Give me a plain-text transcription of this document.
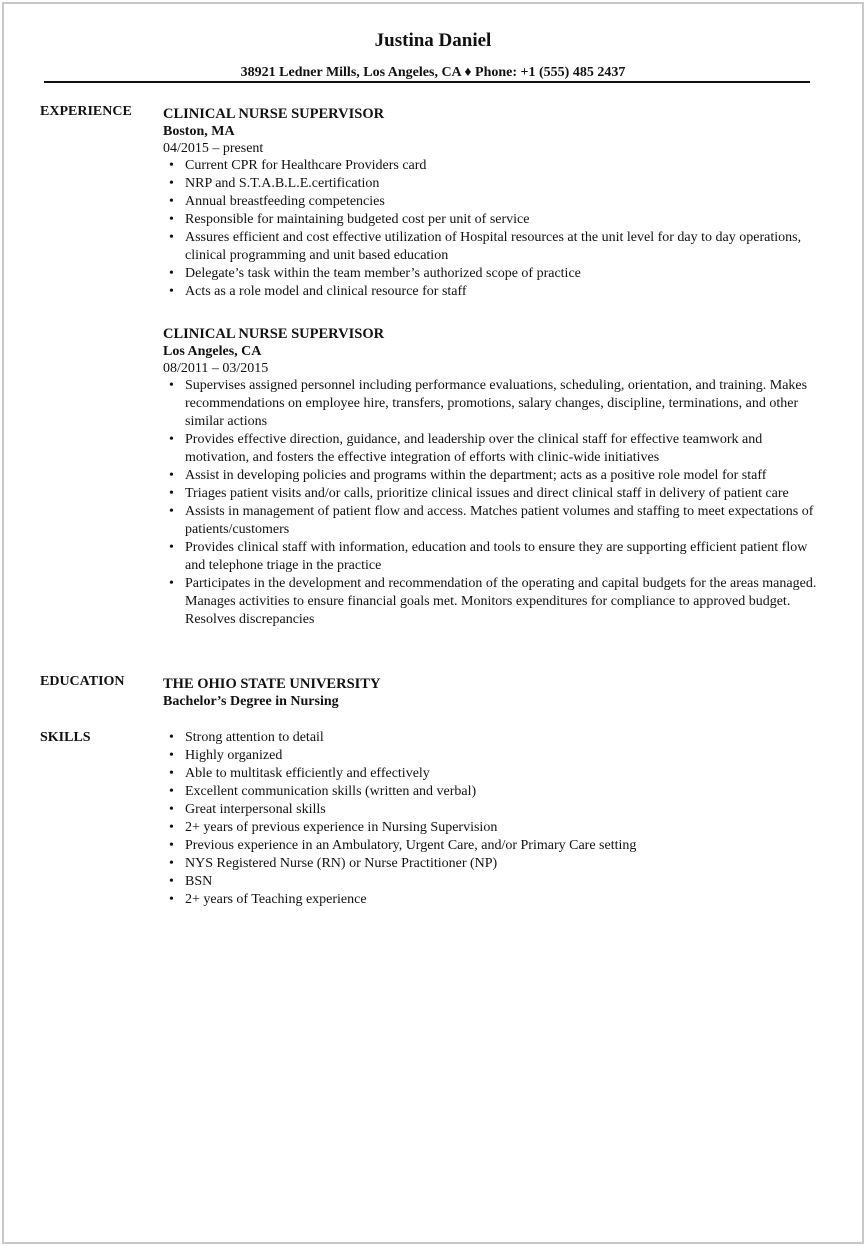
Justina Daniel
38921 Ledner Mills, Los Angeles, CA ♦ Phone: +1 (555) 485 2437
EXPERIENCE CLINICAL NURSE SUPERVISOR
Boston, MA
04/2015 – present
• Current CPR for Healthcare Providers card
• NRP and S.T.A.B.L.E.certification
• Annual breastfeeding competencies
• Responsible for maintaining budgeted cost per unit of service
• Assures efficient and cost effective utilization of Hospital resources at the unit level for day to day operations, clinical programming and unit based education
• Delegate’s task within the team member’s authorized scope of practice
• Acts as a role model and clinical resource for staff
CLINICAL NURSE SUPERVISOR
Los Angeles, CA
08/2011 – 03/2015
• Supervises assigned personnel including performance evaluations, scheduling, orientation, and training. Makes recommendations on employee hire, transfers, promotions, salary changes, discipline, terminations, and other similar actions
• Provides effective direction, guidance, and leadership over the clinical staff for effective teamwork and motivation, and fosters the effective integration of efforts with clinic-wide initiatives
• Assist in developing policies and programs within the department; acts as a positive role model for staff
• Triages patient visits and/or calls, prioritize clinical issues and direct clinical staff in delivery of patient care
• Assists in management of patient flow and access. Matches patient volumes and staffing to meet expectations of patients/customers
• Provides clinical staff with information, education and tools to ensure they are supporting efficient patient flow and telephone triage in the practice
• Participates in the development and recommendation of the operating and capital budgets for the areas managed. Manages activities to ensure financial goals met. Monitors expenditures for compliance to approved budget. Resolves discrepancies
EDUCATION	THE OHIO STATE UNIVERSITY
Bachelor’s Degree in Nursing
SKILLS
•	Strong attention to detail
• Highly organized
• Able to multitask efficiently and effectively
• Excellent communication skills (written and verbal)
• Great interpersonal skills
• 2+ years of previous experience in Nursing Supervision
• Previous experience in an Ambulatory, Urgent Care, and/or Primary Care setting
• NYS Registered Nurse (RN) or Nurse Practitioner (NP)
• BSN
• 2+ years of Teaching experience
